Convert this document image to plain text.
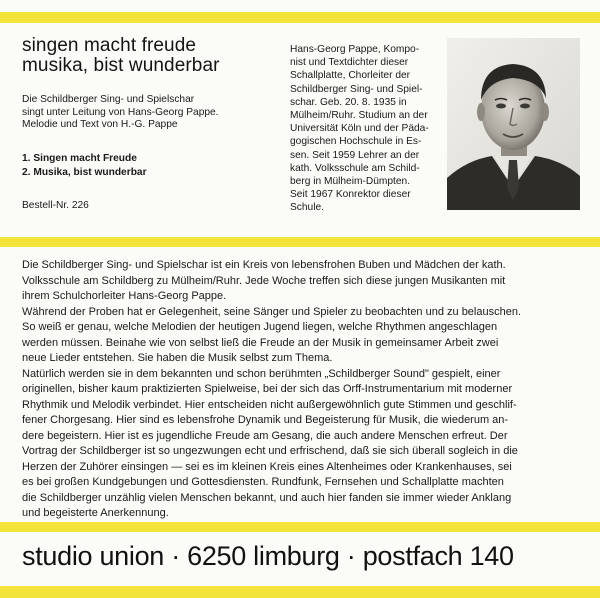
singen macht freude
musika, bist wunderbar
Die Schildberger Sing- und Spielschar
singt unter Leitung von Hans-Georg Pappe.
Melodie und Text von H.-G. Pappe
1. Singen macht Freude
2. Musika, bist wunderbar
Bestell-Nr. 226
Hans-Georg Pappe, Kompo-
nist und Textdichter dieser
Schallplatte, Chorleiter der
Schildberger Sing- und Spiel-
schar. Geb. 20. 8. 1935 in
Mülheim/Ruhr. Studium an der
Universität Köln und der Päda-
gogischen Hochschule in Es-
sen. Seit 1959 Lehrer an der
kath. Volksschule am Schild-
berg in Mülheim-Dümpten.
Seit 1967 Konrektor dieser
Schule.
Die Schildberger Sing- und Spielschar ist ein Kreis von lebensfrohen Buben und Mädchen der kath.
Volksschule am Schildberg zu Mülheim/Ruhr. Jede Woche treffen sich diese jungen Musikanten mit
ihrem Schulchorleiter Hans-Georg Pappe.
Während der Proben hat er Gelegenheit, seine Sänger und Spieler zu beobachten und zu belauschen.
So weiß er genau, welche Melodien der heutigen Jugend liegen, welche Rhythmen angeschlagen
werden müssen. Beinahe wie von selbst ließ die Freude an der Musik in gemeinsamer Arbeit zwei
neue Lieder entstehen. Sie haben die Musik selbst zum Thema.
Natürlich werden sie in dem bekannten und schon berühmten „Schildberger Sound" gespielt, einer
originellen, bisher kaum praktizierten Spielweise, bei der sich das Orff-Instrumentarium mit moderner
Rhythmik und Melodik verbindet. Hier entscheiden nicht außergewöhnlich gute Stimmen und geschlif-
fener Chorgesang. Hier sind es lebensfrohe Dynamik und Begeisterung für Musik, die wiederum an-
dere begeistern. Hier ist es jugendliche Freude am Gesang, die auch andere Menschen erfreut. Der
Vortrag der Schildberger ist so ungezwungen echt und erfrischend, daß sie sich überall sogleich in die
Herzen der Zuhörer einsingen — sei es im kleinen Kreis eines Altenheimes oder Krankenhauses, sei
es bei großen Kundgebungen und Gottesdiensten. Rundfunk, Fernsehen und Schallplatte machten
die Schildberger unzählig vielen Menschen bekannt, und auch hier fanden sie immer wieder Anklang
und begeisterte Anerkennung.
studio union · 6250 limburg · postfach 140
